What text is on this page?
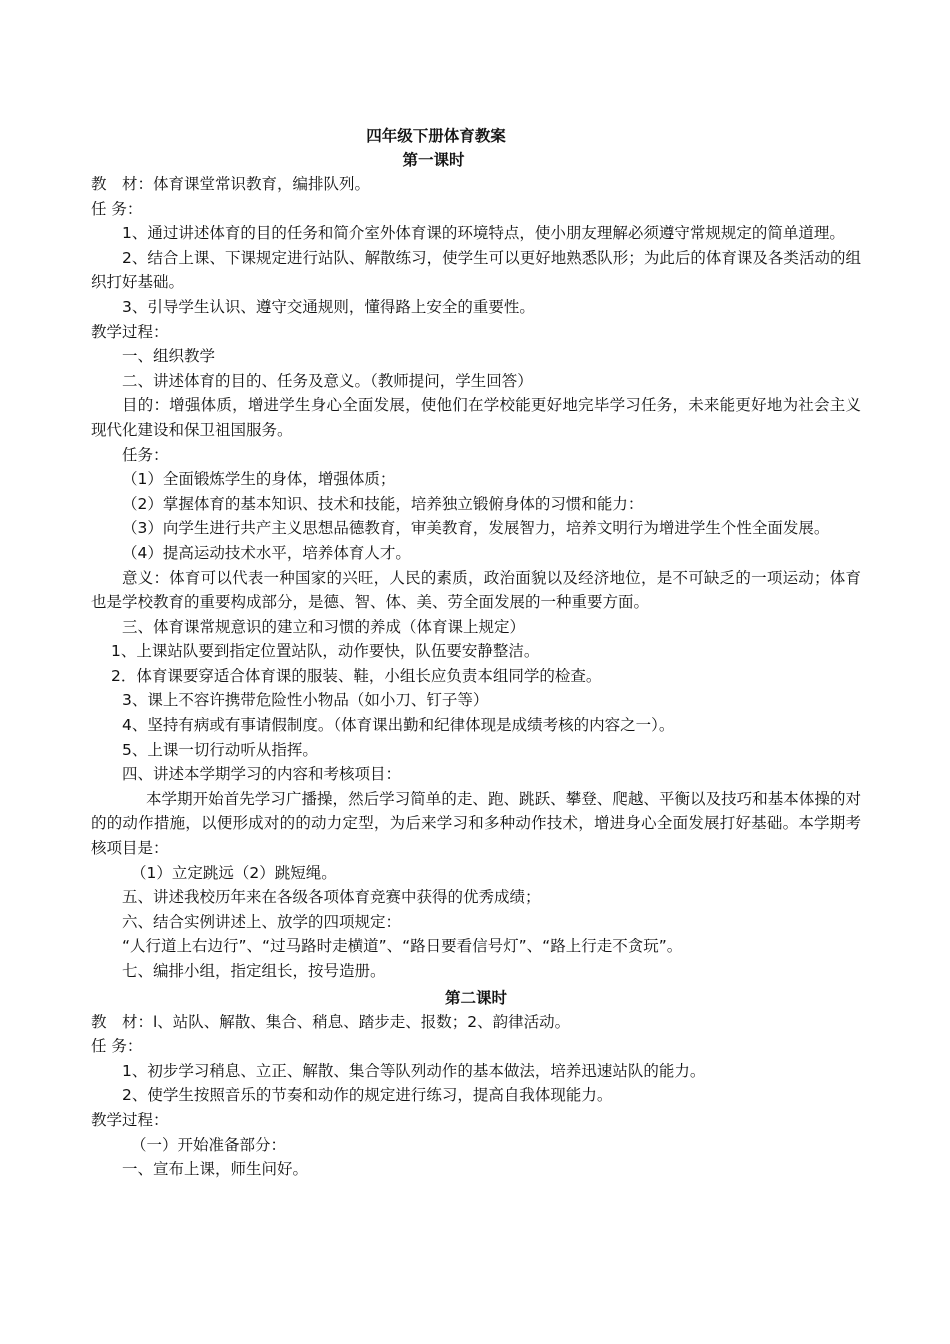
四年级下册体育教案
第一课时
教　材：体育课堂常识教育，编排队列。
任 务：
1、通过讲述体育的目的任务和简介室外体育课的环境特点，使小朋友理解必须遵守常规规定的简单道理。
2、结合上课、下课规定进行站队、解散练习，使学生可以更好地熟悉队形；为此后的体育课及各类活动的组织打好基础。
3、引导学生认识、遵守交通规则，懂得路上安全的重要性。
教学过程：
一、组织教学
二、讲述体育的目的、任务及意义。（教师提问，学生回答）
目的：增强体质，增进学生身心全面发展，使他们在学校能更好地完毕学习任务，未来能更好地为社会主义现代化建设和保卫祖国服务。
任务：
（1）全面锻炼学生的身体，增强体质；
（2）掌握体育的基本知识、技术和技能，培养独立锻俯身体的习惯和能力：
（3）向学生进行共产主义思想品德教育，审美教育，发展智力，培养文明行为增进学生个性全面发展。
（4）提高运动技术水平，培养体育人才。
意义：体育可以代表一种国家的兴旺，人民的素质，政治面貌以及经济地位，是不可缺乏的一项运动；体育也是学校教育的重要构成部分，是德、智、体、美、劳全面发展的一种重要方面。
三、体育课常规意识的建立和习惯的养成（体育课上规定）
1、上课站队要到指定位置站队，动作要快，队伍要安静整洁。
2．体育课要穿适合体育课的服装、鞋，小组长应负责本组同学的检查。
3、课上不容许携带危险性小物品（如小刀、钉子等）
4、坚持有病或有事请假制度。（体育课出勤和纪律体现是成绩考核的内容之一）。
5、上课一切行动听从指挥。
四、讲述本学期学习的内容和考核项目：
本学期开始首先学习广播操，然后学习简单的走、跑、跳跃、攀登、爬越、平衡以及技巧和基本体操的对的的动作措施，以便形成对的的动力定型，为后来学习和多种动作技术，增进身心全面发展打好基础。本学期考核项目是：
（1）立定跳远（2）跳短绳。
五、讲述我校历年来在各级各项体育竞赛中获得的优秀成绩；
六、结合实例讲述上、放学的四项规定：
“人行道上右边行”、“过马路时走横道”、“路日要看信号灯”、“路上行走不贪玩”。
七、编排小组，指定组长，按号造册。
第二课时
教　材：l、站队、解散、集合、稍息、踏步走、报数；2、韵律活动。
任 务：
1、初步学习稍息、立正、解散、集合等队列动作的基本做法，培养迅速站队的能力。
2、使学生按照音乐的节奏和动作的规定进行练习，提高自我体现能力。
教学过程：
（一）开始准备部分：
一、宣布上课，师生问好。
